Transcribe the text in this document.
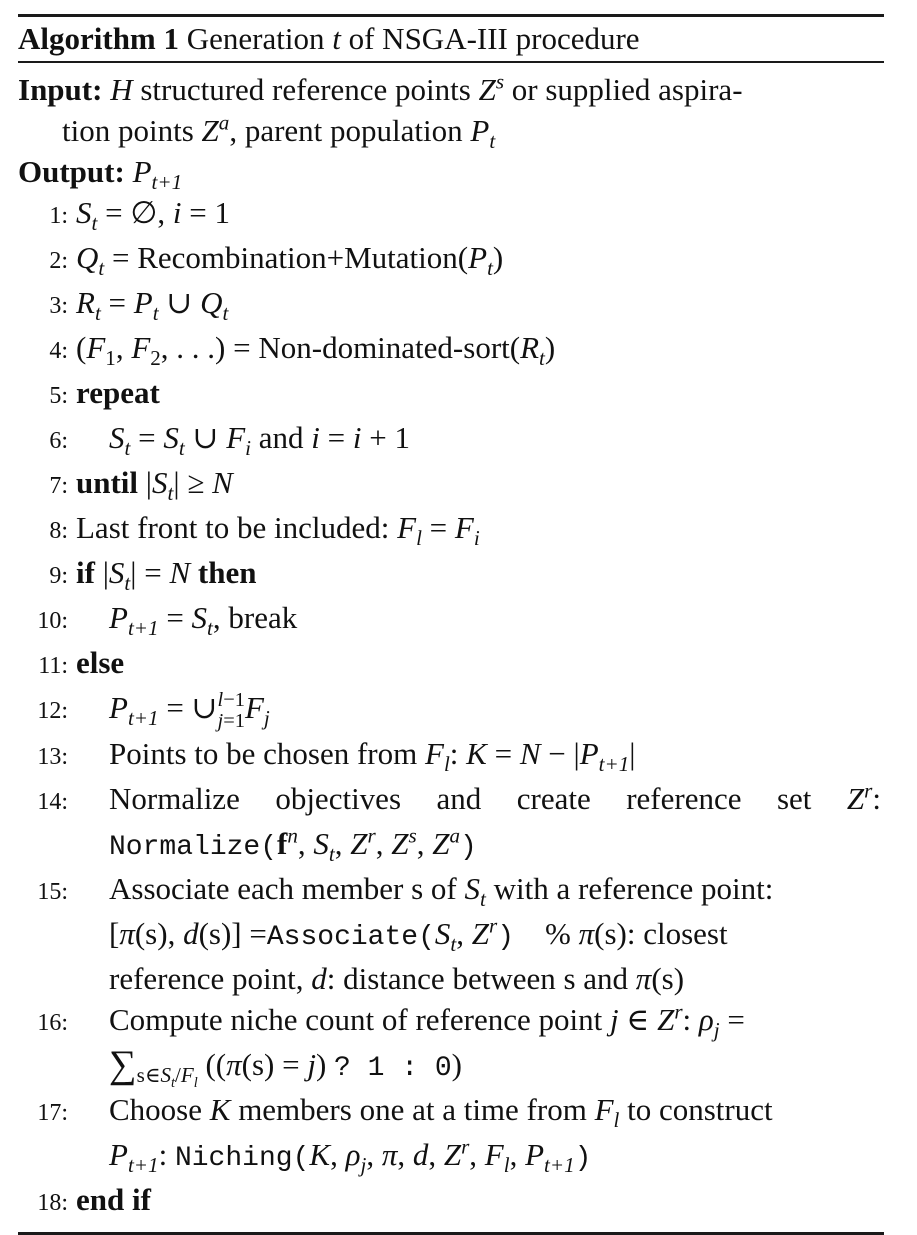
Algorithm 1 Generation t of NSGA-III procedure
Input: H structured reference points $Z^s$ or supplied aspira-
tion points $Z^a$, parent population $P_t$
Output: $P_{t+1}$
1: $S_t$ = ∅, i = 1
2: $Q_t$ = $Recombination+Mutation(P_t)$
3: $R_t = P_t$ ∪ $Q_t$
4: ($F_1$, $F_2$, . . .) = Non-$dominated-sort(R_t)$
5: repeat
6: $S_t = S_t$ ∪ $F_i$ and i = i + 1
7: until $|S_t| \ge N$
8: Last front to be included: $F_l = F_i$
9: if $|S_t| = N$ then
10: $P_{t+1} = S_t$, break
11: else
12: $P_{t+1}$ = ∪l−1
$j=1F_j$
13: Points to be chosen from $F_l$: $K = N - |P_{t+1}|$
14: Normalize objectives and create reference set $Z^r$:
$Normalize(f^n$, $S_t$, $Z^r$, $Z^s$, $Z^a$)
15: Associate each member s of $S_t$ with a reference point:
[π(s), $d(s)] =Associate(S_t$, $Z^r$)    % π(s): closest
reference point, d: distance between s and π(s)
16: Compute niche count of reference point j ∈ $Z^r$: $\rho_j$ =
$\sum_{s\in S_t/F_l}$ ((π(s) = j) ? 1 : 0)
17: Choose K members one at a time from $F_l$ to construct
$P_{t+1}$: Niching(K, $\rho_j$, π, d, $Z^r$, $F_l$, $P_{t+1}$)
18: end if
